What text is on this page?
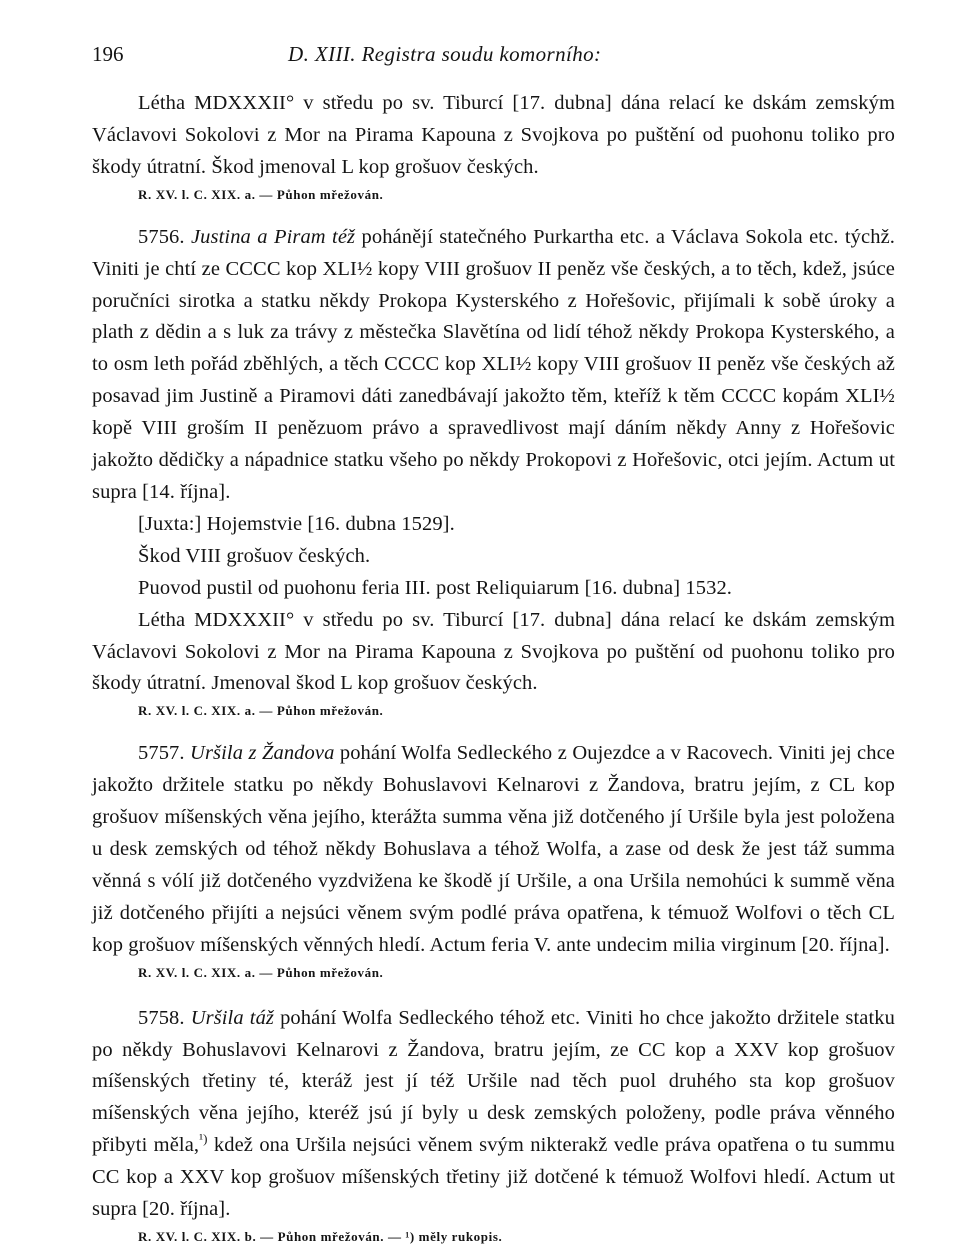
196	D. XIII. Registra soudu komorního:

Létha MDXXXII° v středu po sv. Tiburcí [17. dubna] dána relací ke dskám zemským Václavovi Sokolovi z Mor na Pirama Kapouna z Svojkova po puštění od puohonu toliko pro škody útratní. Škod jmenoval L kop grošuov českých.

R. XV. l. C. XIX. a. — Půhon mřežován.

5756. Justina a Piram též pohánějí statečného Purkartha etc. a Václava Sokola etc. týchž. Viniti je chtí ze CCCC kop XLI½ kopy VIII grošuov II peněz vše českých, a to těch, kdež, jsúce poručníci sirotka a statku někdy Prokopa Kysterského z Hořešovic, přijímali k sobě úroky a plath z dědin a s luk za trávy z městečka Slavětína od lidí téhož někdy Prokopa Kysterského, a to osm leth pořád zběhlých, a těch CCCC kop XLI½ kopy VIII grošuov II peněz vše českých až posavad jim Justině a Piramovi dáti zanedbávají jakožto těm, kteříž k těm CCCC kopám XLI½ kopě VIII groším II penězuom právo a spravedlivost mají dáním někdy Anny z Hořešovic jakožto dědičky a nápadnice statku všeho po někdy Prokopovi z Hořešovic, otci jejím. Actum ut supra [14. října].

[Juxta:] Hojemstvie [16. dubna 1529].

Škod VIII grošuov českých.

Puovod pustil od puohonu feria III. post Reliquiarum [16. dubna] 1532.

Létha MDXXXII° v středu po sv. Tiburcí [17. dubna] dána relací ke dskám zemským Václavovi Sokolovi z Mor na Pirama Kapouna z Svojkova po puštění od puohonu toliko pro škody útratní. Jmenoval škod L kop grošuov českých.

R. XV. l. C. XIX. a. — Půhon mřežován.

5757. Uršila z Žandova pohání Wolfa Sedleckého z Oujezdce a v Racovech. Viniti jej chce jakožto držitele statku po někdy Bohuslavovi Kelnarovi z Žandova, bratru jejím, z CL kop grošuov míšenských věna jejího, kterážta summa věna již dotčeného jí Uršile byla jest položena u desk zemských od téhož někdy Bohuslava a téhož Wolfa, a zase od desk že jest táž summa věnná s vólí již dotčeného vyzdvižena ke škodě jí Uršile, a ona Uršila nemohúci k summě věna již dotčeného přijíti a nejsúci věnem svým podlé práva opatřena, k témuož Wolfovi o těch CL kop grošuov míšenských věnných hledí. Actum feria V. ante undecim milia virginum [20. října].

R. XV. l. C. XIX. a. — Půhon mřežován.

5758. Uršila táž pohání Wolfa Sedleckého téhož etc. Viniti ho chce jakožto držitele statku po někdy Bohuslavovi Kelnarovi z Žandova, bratru jejím, ze CC kop a XXV kop grošuov míšenských třetiny té, kteráž jest jí též Uršile nad těch puol druhého sta kop grošuov míšenských věna jejího, kteréž jsú jí byly u desk zemských položeny, podle práva věnného přibyti měla,$^{^1)}$ kdež ona Uršila nejsúci věnem svým nikterakž vedle práva opatřena o tu summu CC kop a XXV kop grošuov míšenských třetiny již dotčené k témuož Wolfovi hledí. Actum ut supra [20. října].

R. XV. l. C. XIX. b. — Půhon mřežován. — ¹) měly rukopis.
